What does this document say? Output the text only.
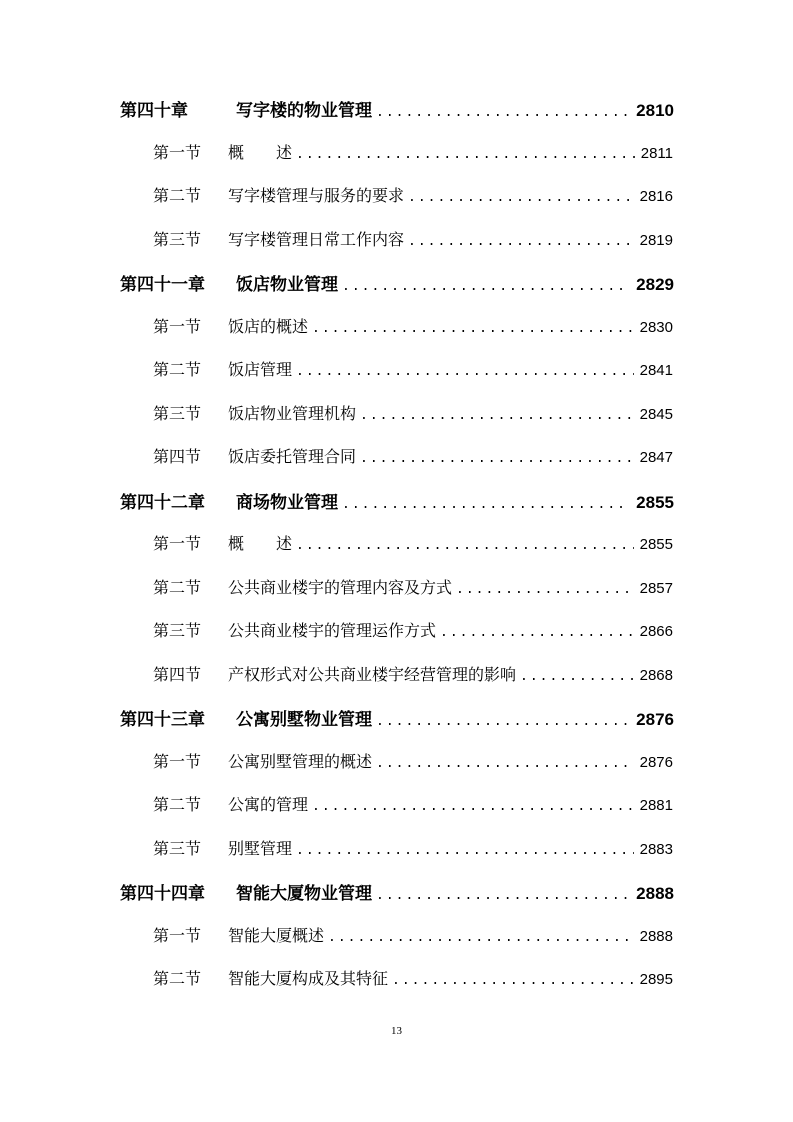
第四十章	写字楼的物业管理 .....	2810
第一节	概　　述 .....	2811
第二节	写字楼管理与服务的要求 .....	2816
第三节	写字楼管理日常工作内容 .....	2819
第四十一章	饭店物业管理 .....	2829
第一节	饭店的概述 .....	2830
第二节	饭店管理 .....	2841
第三节	饭店物业管理机构 .....	2845
第四节	饭店委托管理合同 .....	2847
第四十二章	商场物业管理 .....	2855
第一节	概　　述 .....	2855
第二节	公共商业楼宇的管理内容及方式 .....	2857
第三节	公共商业楼宇的管理运作方式 .....	2866
第四节	产权形式对公共商业楼宇经营管理的影响 .....	2868
第四十三章	公寓别墅物业管理 .....	2876
第一节	公寓别墅管理的概述 .....	2876
第二节	公寓的管理 .....	2881
第三节	别墅管理 .....	2883
第四十四章	智能大厦物业管理 .....	2888
第一节	智能大厦概述 .....	2888
第二节	智能大厦构成及其特征 .....	2895
13
